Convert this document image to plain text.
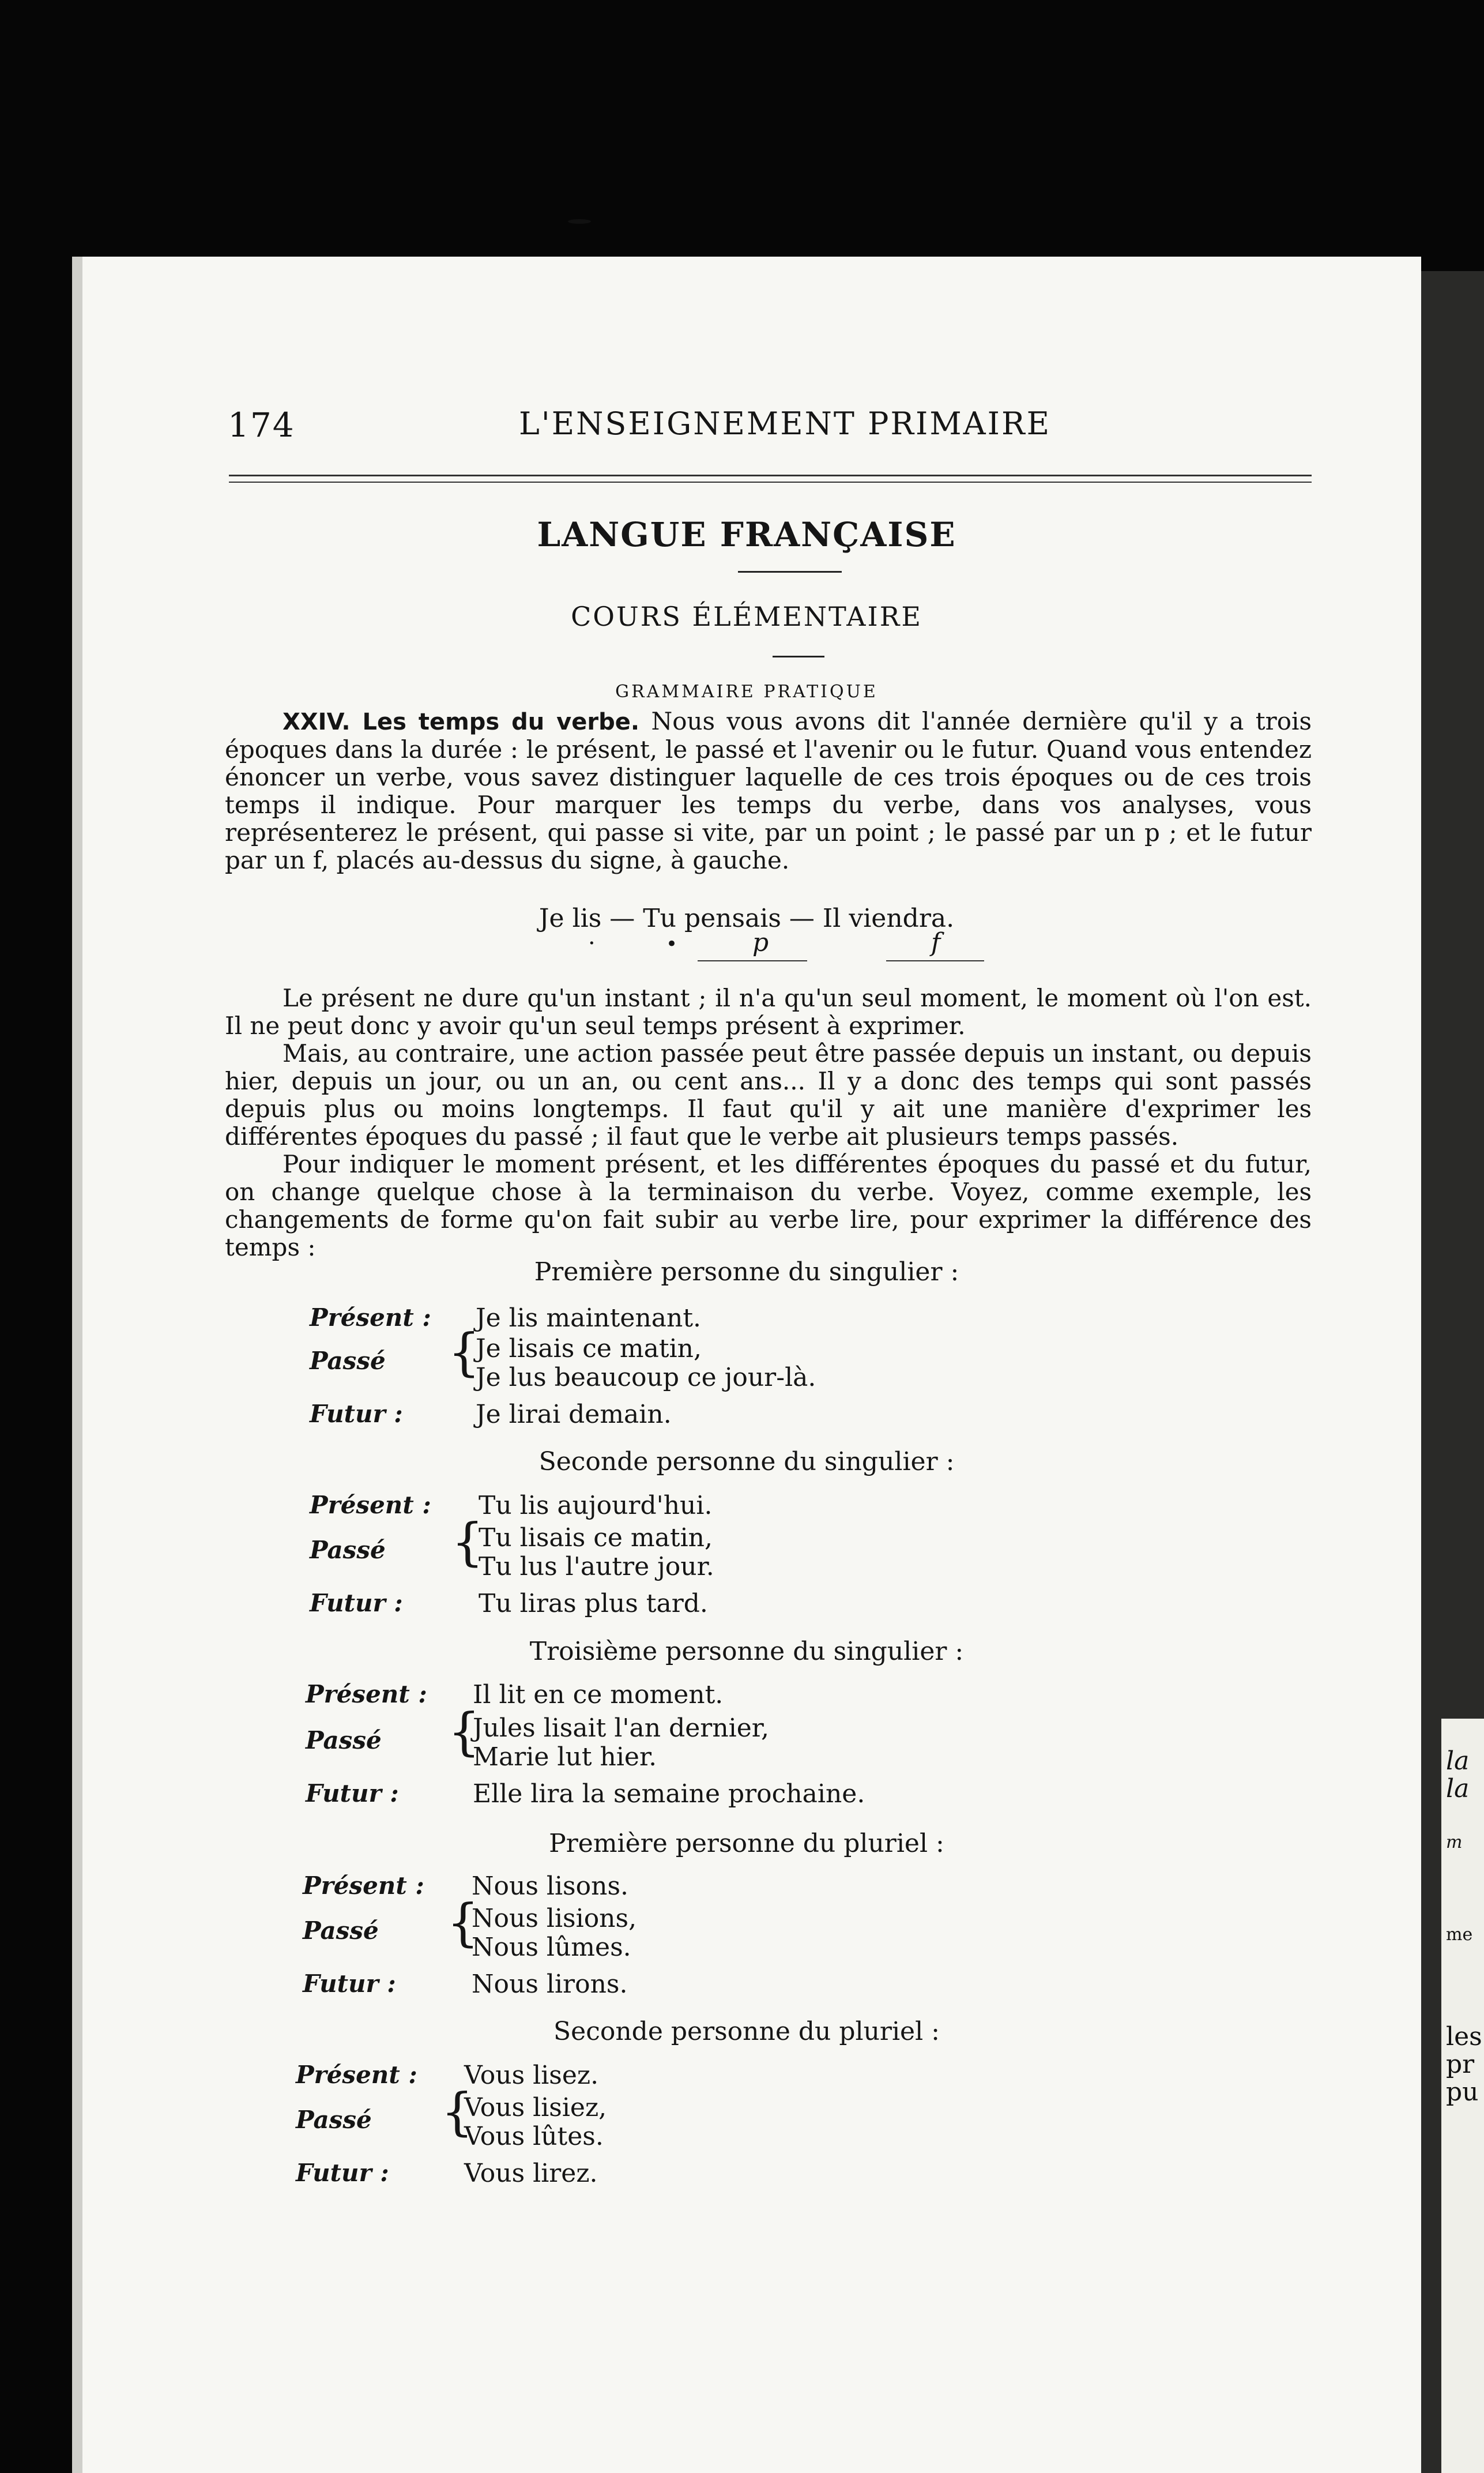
la
la
m
me
les
pr
pu
174	L'ENSEIGNEMENT PRIMAIRE
LANGUE FRANÇAISE
COURS ÉLÉMENTAIRE
GRAMMAIRE PRATIQUE

XXIV. Les temps du verbe. Nous vous avons dit l'année dernière qu'il y a trois époques dans la durée : le présent, le passé et l'avenir ou le futur. Quand vous entendez énoncer un verbe, vous savez distinguer laquelle de ces trois époques ou de ces trois temps il indique. Pour marquer les temps du verbe, dans vos analyses, vous représenterez le présent, qui passe si vite, par un point ; le passé par un p ; et le futur par un f, placés au-dessus du signe, à gauche.

Je lis — Tu pensais — Il viendra.
·	•	p	f

Le présent ne dure qu'un instant ; il n'a qu'un seul moment, le moment où l'on est. Il ne peut donc y avoir qu'un seul temps présent à exprimer.

Mais, au contraire, une action passée peut être passée depuis un instant, ou depuis hier, depuis un jour, ou un an, ou cent ans... Il y a donc des temps qui sont passés depuis plus ou moins longtemps. Il faut qu'il y ait une manière d'exprimer les différentes époques du passé ; il faut que le verbe ait plusieurs temps passés.

Pour indiquer le moment présent, et les différentes époques du passé et du futur, on change quelque chose à la terminaison du verbe. Voyez, comme exemple, les changements de forme qu'on fait subir au verbe lire, pour exprimer la différence des temps :

Première personne du singulier :
Présent : Je lis maintenant.
Passé {
Je lisais ce matin,
Je lus beaucoup ce jour-là.
Futur :	Je lirai demain.
Seconde personne du singulier :
Présent : Tu lis aujourd'hui.
Passé {
Tu lisais ce matin,
Tu lus l'autre jour.
Futur :	Tu liras plus tard.
Troisième personne du singulier :
Présent : Il lit en ce moment.
Passé {
Jules lisait l'an dernier,
Marie lut hier.
Futur :	Elle lira la semaine prochaine.
Première personne du pluriel :
Présent : Nous lisons.
Passé {
Nous lisions,
Nous lûmes.
Futur :	Nous lirons.
Seconde personne du pluriel :
Présent : Vous lisez.
Passé {
Vous lisiez,
Vous lûtes.
Futur :	Vous lirez.
